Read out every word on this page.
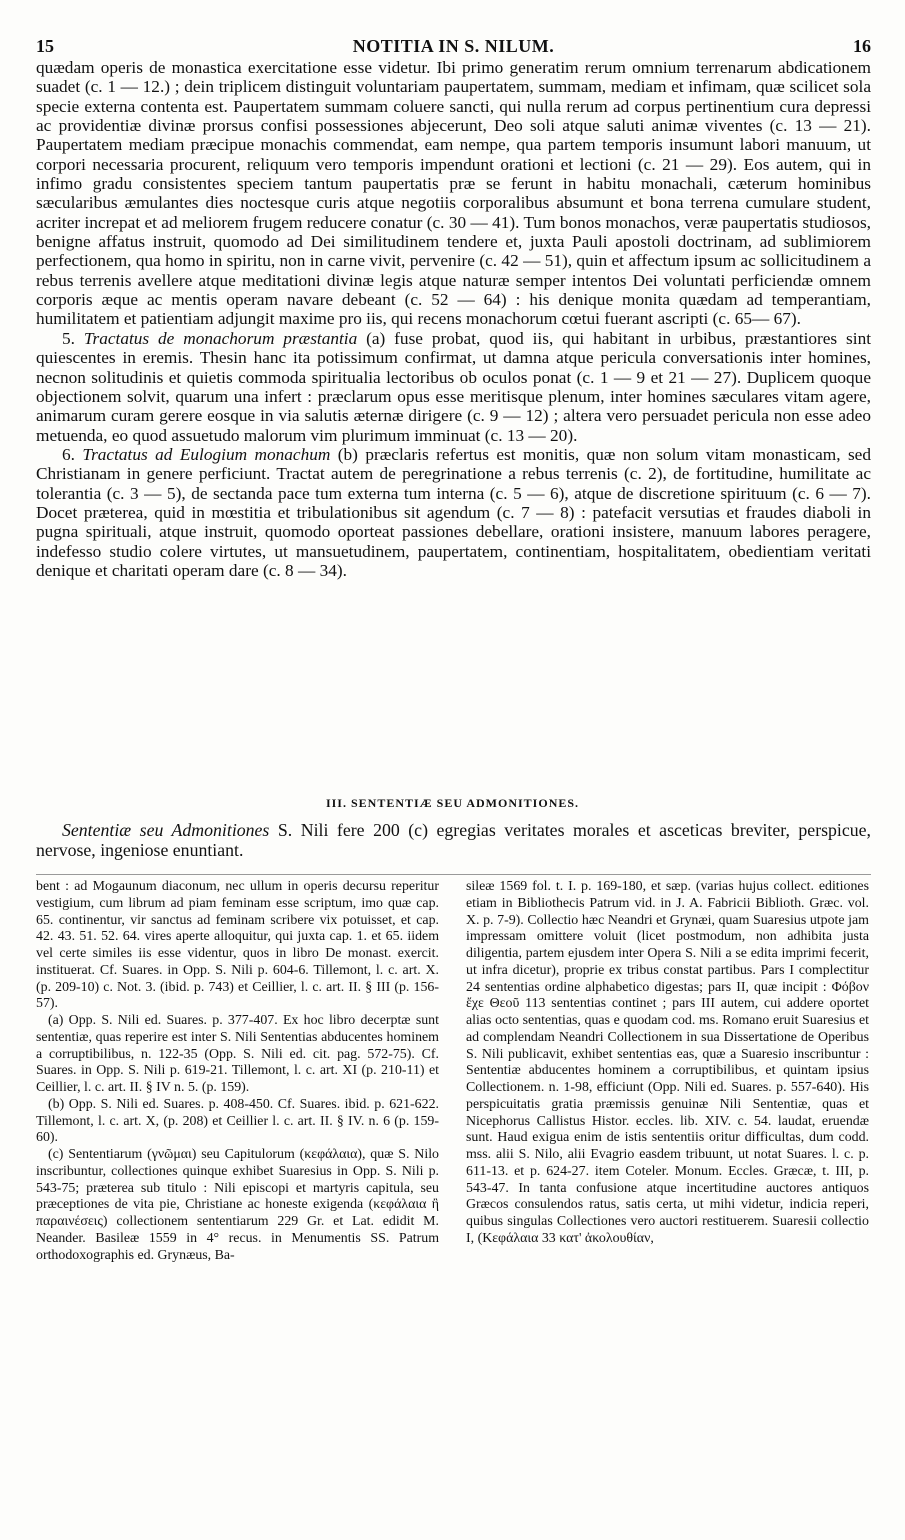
15	NOTITIA IN S. NILUM.	16

quædam operis de monastica exercitatione esse videtur. Ibi primo generatim rerum omnium terrenarum abdicationem suadet (c. 1 — 12.) ; dein triplicem distinguit voluntariam paupertatem, summam, mediam et infimam, quæ scilicet sola specie externa contenta est. Paupertatem summam coluere sancti, qui nulla rerum ad corpus pertinentium cura depressi ac providentiæ divinæ prorsus confisi possessiones abjecerunt, Deo soli atque saluti animæ viventes (c. 13 — 21). Paupertatem mediam præcipue monachis commendat, eam nempe, qua partem temporis insumunt labori manuum, ut corpori necessaria procurent, reliquum vero temporis impendunt orationi et lectioni (c. 21 — 29). Eos autem, qui in infimo gradu consistentes speciem tantum paupertatis præ se ferunt in habitu monachali, cæterum hominibus sæcularibus æmulantes dies noctesque curis atque negotiis corporalibus absumunt et bona terrena cumulare student, acriter increpat et ad meliorem frugem reducere conatur (c. 30 — 41). Tum bonos monachos, veræ paupertatis studiosos, benigne affatus instruit, quomodo ad Dei similitudinem tendere et, juxta Pauli apostoli doctrinam, ad sublimiorem perfectionem, qua homo in spiritu, non in carne vivit, pervenire (c. 42 — 51), quin et affectum ipsum ac sollicitudinem a rebus terrenis avellere atque meditationi divinæ legis atque naturæ semper intentos Dei voluntati perficiendæ omnem corporis æque ac mentis operam navare debeant (c. 52 — 64) : his denique monita quædam ad temperantiam, humilitatem et patientiam adjungit maxime pro iis, qui recens monachorum cœtui fuerant ascripti (c. 65— 67).

5. Tractatus de monachorum præstantia (a) fuse probat, quod iis, qui habitant in urbibus, præstantiores sint quiescentes in eremis. Thesin hanc ita potissimum confirmat, ut damna atque pericula conversationis inter homines, necnon solitudinis et quietis commoda spiritualia lectoribus ob oculos ponat (c. 1 — 9 et 21 — 27). Duplicem quoque objectionem solvit, quarum una infert : præclarum opus esse meritisque plenum, inter homines sæculares vitam agere, animarum curam gerere eosque in via salutis æternæ dirigere (c. 9 — 12) ; altera vero persuadet pericula non esse adeo metuenda, eo quod assuetudo malorum vim plurimum imminuat (c. 13 — 20).

6. Tractatus ad Eulogium monachum (b) præclaris refertus est monitis, quæ non solum vitam monasticam, sed Christianam in genere perficiunt. Tractat autem de peregrinatione a rebus terrenis (c. 2), de fortitudine, humilitate ac tolerantia (c. 3 — 5), de sectanda pace tum externa tum interna (c. 5 — 6), atque de discretione spirituum (c. 6 — 7). Docet præterea, quid in mœstitia et tribulationibus sit agendum (c. 7 — 8) : patefacit versutias et fraudes diaboli in pugna spirituali, atque instruit, quomodo oporteat passiones debellare, orationi insistere, manuum labores peragere, indefesso studio colere virtutes, ut mansuetudinem, paupertatem, continentiam, hospitalitatem, obedientiam veritati denique et charitati operam dare (c. 8 — 34).

III. SENTENTIÆ SEU ADMONITIONES.

Sententiæ seu Admonitiones S. Nili fere 200 (c) egregias veritates morales et asceticas breviter, perspicue, nervose, ingeniose enuntiant.

bent : ad Mogaunum diaconum, nec ullum in operis decursu reperitur vestigium, cum librum ad piam feminam esse scriptum, imo quæ cap. 65. continentur, vir sanctus ad feminam scribere vix potuisset, et cap. 42. 43. 51. 52. 64. vires aperte alloquitur, qui juxta cap. 1. et 65. iidem vel certe similes iis esse videntur, quos in libro De monast. exercit. instituerat. Cf. Suares. in Opp. S. Nili p. 604-6. Tillemont, l. c. art. X. (p. 209-10) c. Not. 3. (ibid. p. 743) et Ceillier, l. c. art. II. § III (p. 156-57).

(a) Opp. S. Nili ed. Suares. p. 377-407. Ex hoc libro decerptæ sunt sententiæ, quas reperire est inter S. Nili Sententias abducentes hominem a corruptibilibus, n. 122-35 (Opp. S. Nili ed. cit. pag. 572-75). Cf. Suares. in Opp. S. Nili p. 619-21. Tillemont, l. c. art. XI (p. 210-11) et Ceillier, l. c. art. II. § IV n. 5. (p. 159).

(b) Opp. S. Nili ed. Suares. p. 408-450. Cf. Suares. ibid. p. 621-622. Tillemont, l. c. art. X, (p. 208) et Ceillier l. c. art. II. § IV. n. 6 (p. 159-60).

(c) Sententiarum (γνῶμαι) seu Capitulorum (κεφάλαια), quæ S. Nilo inscribuntur, collectiones quinque exhibet Suaresius in Opp. S. Nili p. 543-75; præterea sub titulo : Nili episcopi et martyris capitula, seu præceptiones de vita pie, Christiane ac honeste exigenda (κεφάλαια ἢ παραινέσεις) collectionem sententiarum 229 Gr. et Lat. edidit M. Neander. Basileæ 1559 in 4° recus. in Menumentis SS. Patrum orthodoxographis ed. Grynæus, Ba-

sileæ 1569 fol. t. I. p. 169-180, et sæp. (varias hujus collect. editiones etiam in Bibliothecis Patrum vid. in J. A. Fabricii Biblioth. Græc. vol. X. p. 7-9). Collectio hæc Neandri et Grynæi, quam Suaresius utpote jam impressam omittere voluit (licet postmodum, non adhibita justa diligentia, partem ejusdem inter Opera S. Nili a se edita imprimi fecerit, ut infra dicetur), proprie ex tribus constat partibus. Pars I complectitur 24 sententias ordine alphabetico digestas; pars II, quæ incipit : Φόβον ἔχε Θεοῦ 113 sententias continet ; pars III autem, cui addere oportet alias octo sententias, quas e quodam cod. ms. Romano eruit Suaresius et ad complendam Neandri Collectionem in sua Dissertatione de Operibus S. Nili publicavit, exhibet sententias eas, quæ a Suaresio inscribuntur : Sententiæ abducentes hominem a corruptibilibus, et quintam ipsius Collectionem. n. 1-98, efficiunt (Opp. Nili ed. Suares. p. 557-640). His perspicuitatis gratia præmissis genuinæ Nili Sententiæ, quas et Nicephorus Callistus Histor. eccles. lib. XIV. c. 54. laudat, eruendæ sunt. Haud exigua enim de istis sententiis oritur difficultas, dum codd. mss. alii S. Nilo, alii Evagrio easdem tribuunt, ut notat Suares. l. c. p. 611-13. et p. 624-27. item Coteler. Monum. Eccles. Græcæ, t. III, p. 543-47. In tanta confusione atque incertitudine auctores antiquos Græcos consulendos ratus, satis certa, ut mihi videtur, indicia reperi, quibus singulas Collectiones vero auctori restituerem. Suaresii collectio I, (Κεφάλαια 33 κατ' ἀκολουθίαν,
